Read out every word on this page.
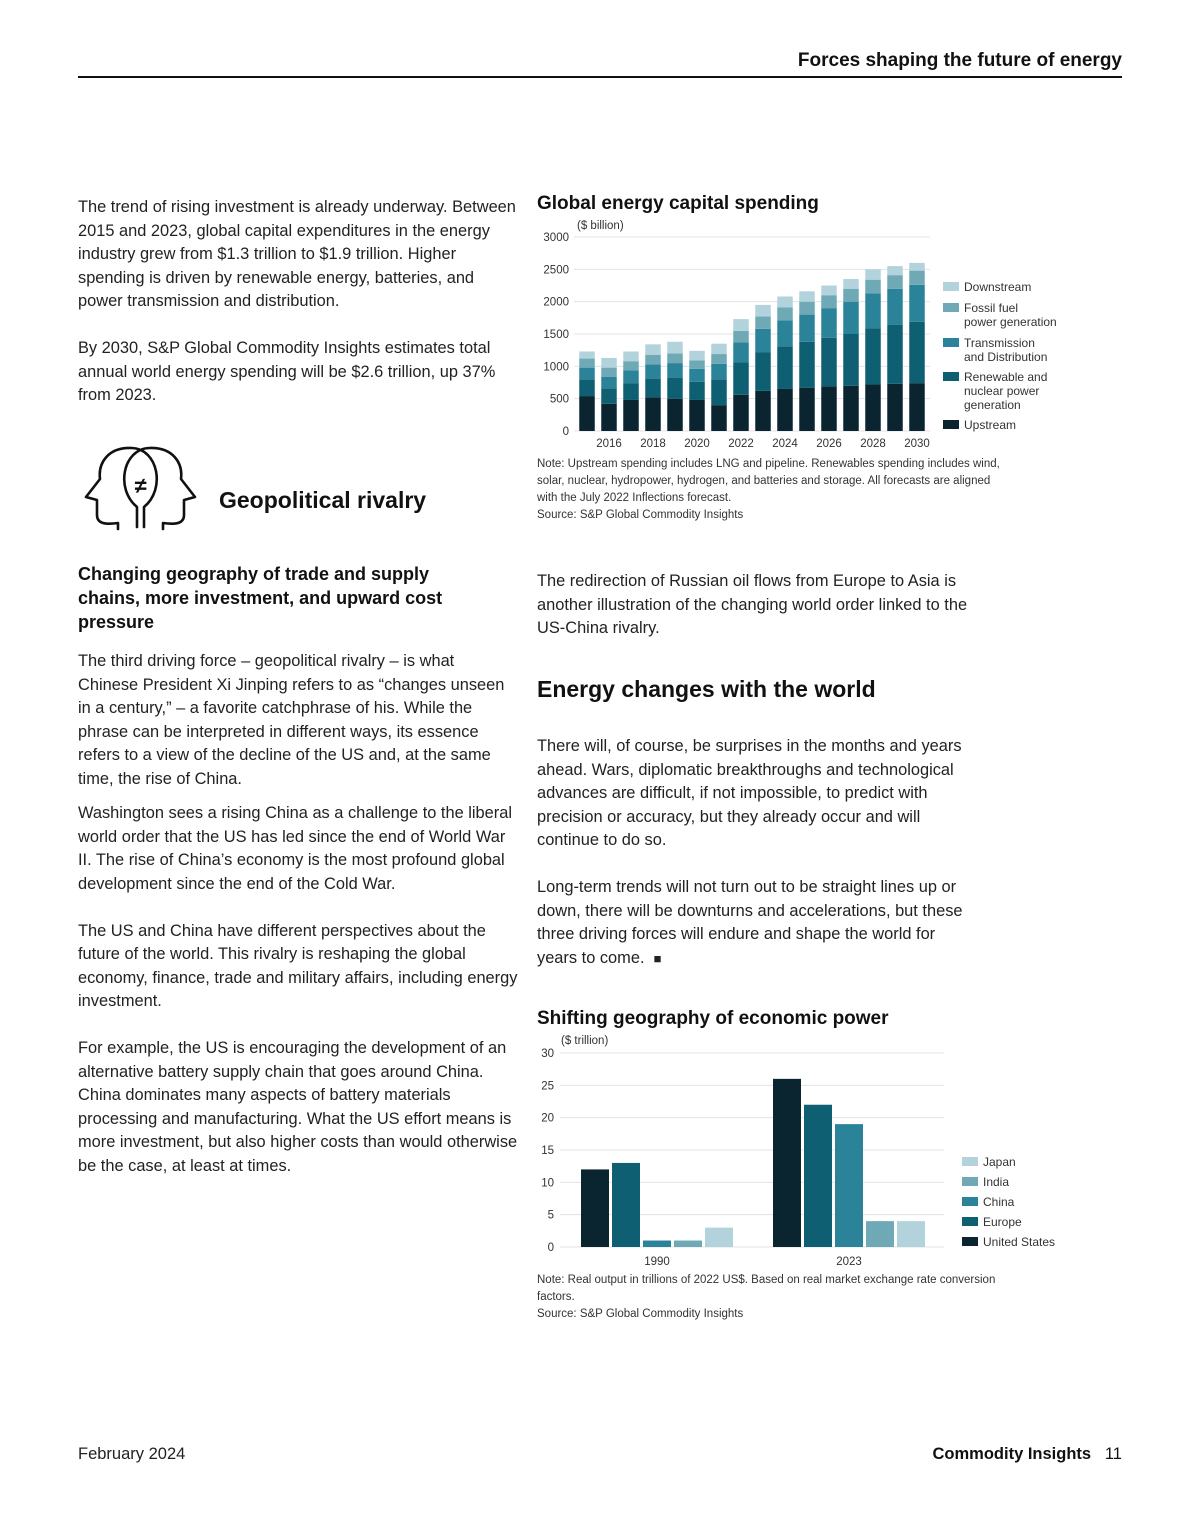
Forces shaping the future of energy

The trend of rising investment is already underway. Between 2015 and 2023, global capital expenditures in the energy industry grew from $1.3 trillion to $1.9 trillion. Higher spending is driven by renewable energy, batteries, and power transmission and distribution.

By 2030, S&P Global Commodity Insights estimates total annual world energy spending will be $2.6 trillion, up 37% from 2023.

≠
Geopolitical rivalry
Changing geography of trade and supply chains, more investment, and upward cost pressure

The third driving force – geopolitical rivalry – is what Chinese President Xi Jinping refers to as “changes unseen in a century,” – a favorite catchphrase of his. While the phrase can be interpreted in different ways, its essence refers to a view of the decline of the US and, at the same time, the rise of China.

Washington sees a rising China as a challenge to the liberal world order that the US has led since the end of World War II. The rise of China’s economy is the most profound global development since the end of the Cold War.

The US and China have different perspectives about the future of the world. This rivalry is reshaping the global economy, finance, trade and military affairs, including energy investment.

For example, the US is encouraging the development of an alternative battery supply chain that goes around China. China dominates many aspects of battery materials processing and manufacturing. What the US effort means is more investment, but also higher costs than would otherwise be the case, at least at times.

Global energy capital spending
($ billion)
0
500
1000
1500
2000
2500
3000
2016 2018 2020 2022 2024 2026 2028 2030
Downstream
Fossil fuel
power generation
Transmission
and Distribution
Renewable and
nuclear power
generation
Upstream
Note: Upstream spending includes LNG and pipeline. Renewables spending includes wind,
solar, nuclear, hydropower, hydrogen, and batteries and storage. All forecasts are aligned
with the July 2022 Inflections forecast.
Source: S&P Global Commodity Insights

The redirection of Russian oil flows from Europe to Asia is another illustration of the changing world order linked to the US-China rivalry.

Energy changes with the world

There will, of course, be surprises in the months and years ahead. Wars, diplomatic breakthroughs and technological advances are difficult, if not impossible, to predict with precision or accuracy, but they already occur and will continue to do so.

Long-term trends will not turn out to be straight lines up or down, there will be downturns and accelerations, but these three driving forces will endure and shape the world for years to come. ■

Shifting geography of economic power
($ trillion)
0
5
10
15
20
25
30
1990	2023
Japan
India
China
Europe
United States
Note: Real output in trillions of 2022 US$. Based on real market exchange rate conversion
factors.
Source: S&P Global Commodity Insights
February 2024	Commodity Insights 11
